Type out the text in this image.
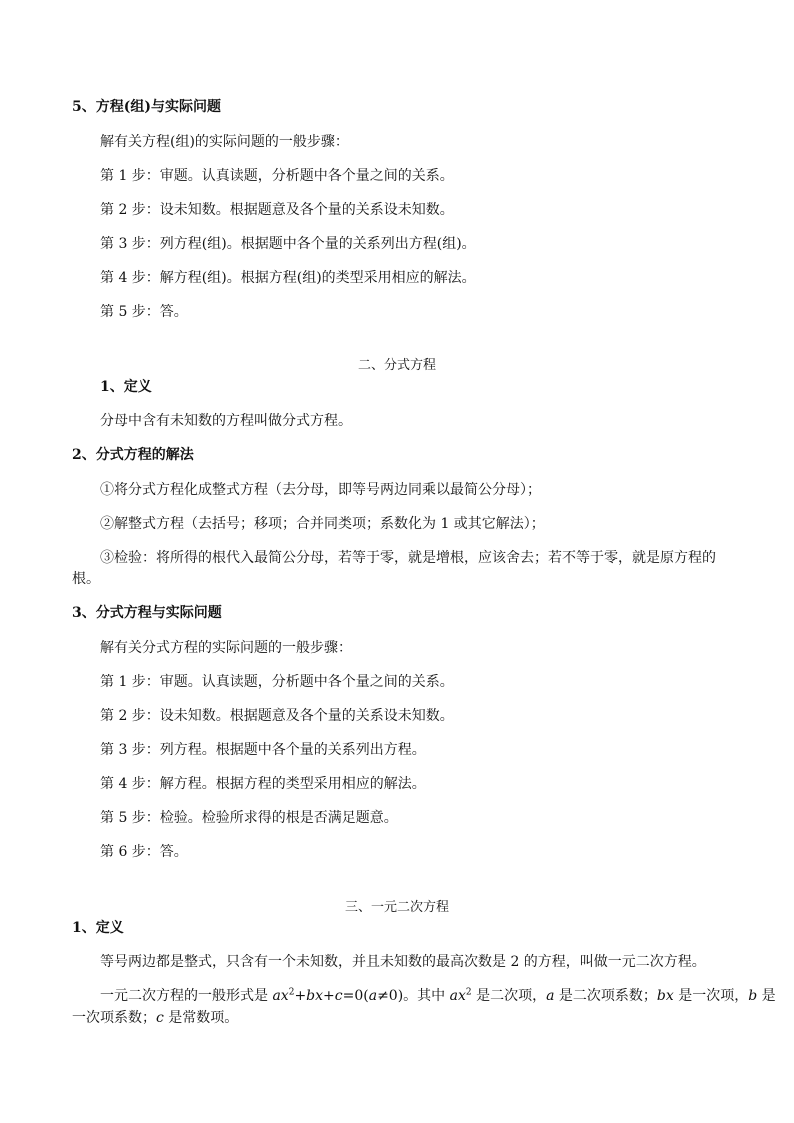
5、方程(组)与实际问题
解有关方程(组)的实际问题的一般步骤：
第 1 步：审题。认真读题，分析题中各个量之间的关系。
第 2 步：设未知数。根据题意及各个量的关系设未知数。
第 3 步：列方程(组)。根据题中各个量的关系列出方程(组)。
第 4 步：解方程(组)。根据方程(组)的类型采用相应的解法。
第 5 步：答。
二、分式方程
1、定义
分母中含有未知数的方程叫做分式方程。
2、分式方程的解法
①将分式方程化成整式方程（去分母，即等号两边同乘以最简公分母）；
②解整式方程（去括号；移项；合并同类项；系数化为 1 或其它解法）；
③检验：将所得的根代入最简公分母，若等于零，就是增根，应该舍去；若不等于零，就是原方程的
根。
3、分式方程与实际问题
解有关分式方程的实际问题的一般步骤：
第 1 步：审题。认真读题，分析题中各个量之间的关系。
第 2 步：设未知数。根据题意及各个量的关系设未知数。
第 3 步：列方程。根据题中各个量的关系列出方程。
第 4 步：解方程。根据方程的类型采用相应的解法。
第 5 步：检验。检验所求得的根是否满足题意。
第 6 步：答。
三、一元二次方程
1、定义
等号两边都是整式，只含有一个未知数，并且未知数的最高次数是 2 的方程，叫做一元二次方程。
一元二次方程的一般形式是 $ax^2+bx+c=0(a\ne 0)$。其中 $ax^2$ 是二次项，a 是二次项系数；bx 是一次项，b 是
一次项系数；c 是常数项。
